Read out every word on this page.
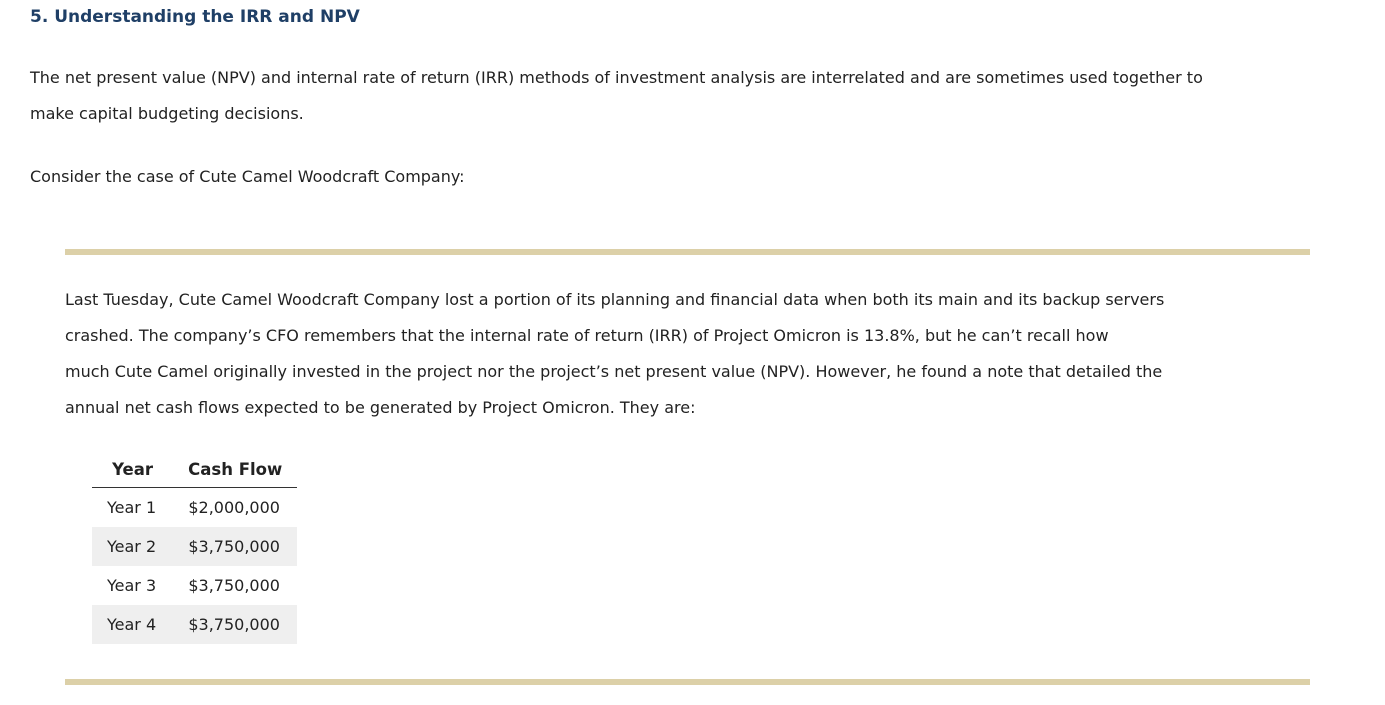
5. Understanding the IRR and NPV

The net present value (NPV) and internal rate of return (IRR) methods of investment analysis are interrelated and are sometimes used together to
make capital budgeting decisions.

Consider the case of Cute Camel Woodcraft Company:

Last Tuesday, Cute Camel Woodcraft Company lost a portion of its planning and financial data when both its main and its backup servers
crashed. The company’s CFO remembers that the internal rate of return (IRR) of Project Omicron is 13.8%, but he can’t recall how
much Cute Camel originally invested in the project nor the project’s net present value (NPV). However, he found a note that detailed the
annual net cash flows expected to be generated by Project Omicron. They are:

Year	Cash Flow
Year 1	$2,000,000
Year 2	$3,750,000
Year 3	$3,750,000
Year 4	$3,750,000
